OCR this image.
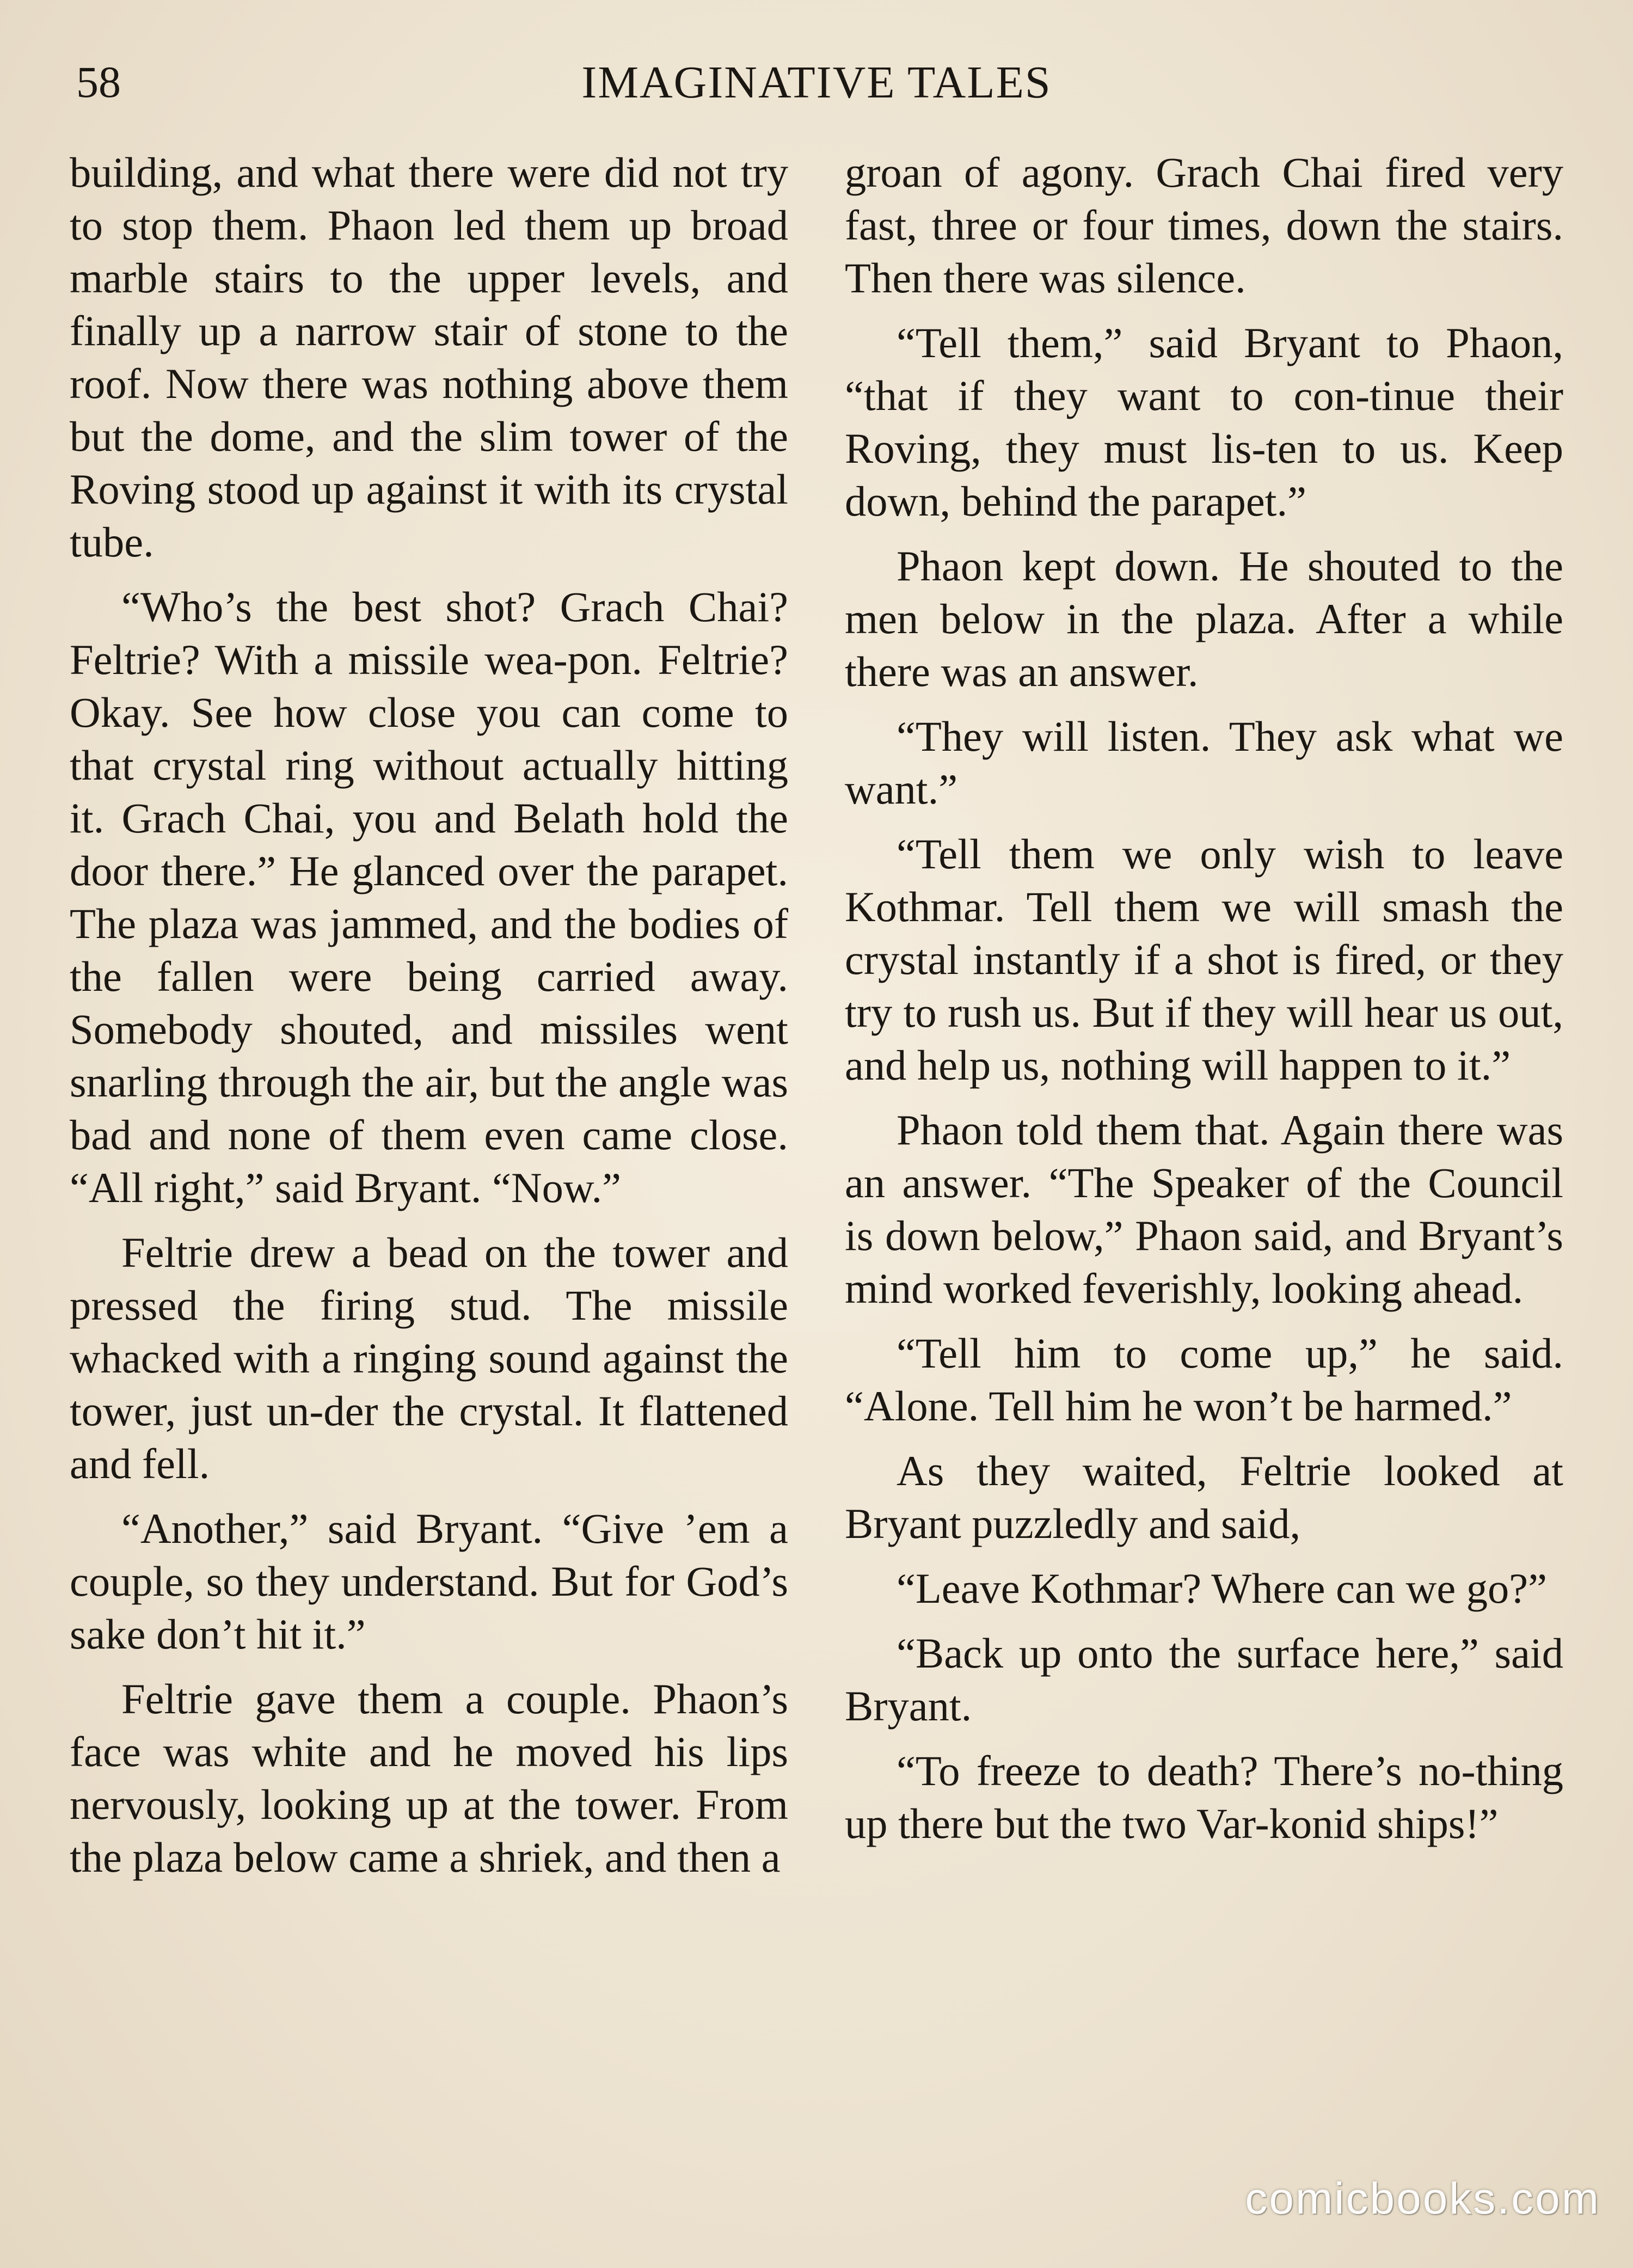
58	IMAGINATIVE TALES

building, and what there were did not try to stop them. Phaon led them up broad marble stairs to the upper levels, and finally up a narrow stair of stone to the roof. Now there was nothing above them but the dome, and the slim tower of the Roving stood up against it with its crystal tube.

“Who’s the best shot? Grach Chai? Feltrie? With a missile wea-pon. Feltrie? Okay. See how close you can come to that crystal ring without actually hitting it. Grach Chai, you and Belath hold the door there.” He glanced over the parapet. The plaza was jammed, and the bodies of the fallen were being carried away. Somebody shouted, and missiles went snarling through the air, but the angle was bad and none of them even came close. “All right,” said Bryant. “Now.”

Feltrie drew a bead on the tower and pressed the firing stud. The missile whacked with a ringing sound against the tower, just un-der the crystal. It flattened and fell.

“Another,” said Bryant. “Give ’em a couple, so they understand. But for God’s sake don’t hit it.”

Feltrie gave them a couple. Phaon’s face was white and he moved his lips nervously, looking up at the tower. From the plaza below came a shriek, and then a

groan of agony. Grach Chai fired very fast, three or four times, down the stairs. Then there was silence.

“Tell them,” said Bryant to Phaon, “that if they want to con-tinue their Roving, they must lis-ten to us. Keep down, behind the parapet.”

Phaon kept down. He shouted to the men below in the plaza. After a while there was an answer.

“They will listen. They ask what we want.”

“Tell them we only wish to leave Kothmar. Tell them we will smash the crystal instantly if a shot is fired, or they try to rush us. But if they will hear us out, and help us, nothing will happen to it.”

Phaon told them that. Again there was an answer. “The Speaker of the Council is down below,” Phaon said, and Bryant’s mind worked feverishly, looking ahead.

“Tell him to come up,” he said. “Alone. Tell him he won’t be harmed.”

As they waited, Feltrie looked at Bryant puzzledly and said,

“Leave Kothmar? Where can we go?”

“Back up onto the surface here,” said Bryant.

“To freeze to death? There’s no-thing up there but the two Var-konid ships!”

comicbooks.com
